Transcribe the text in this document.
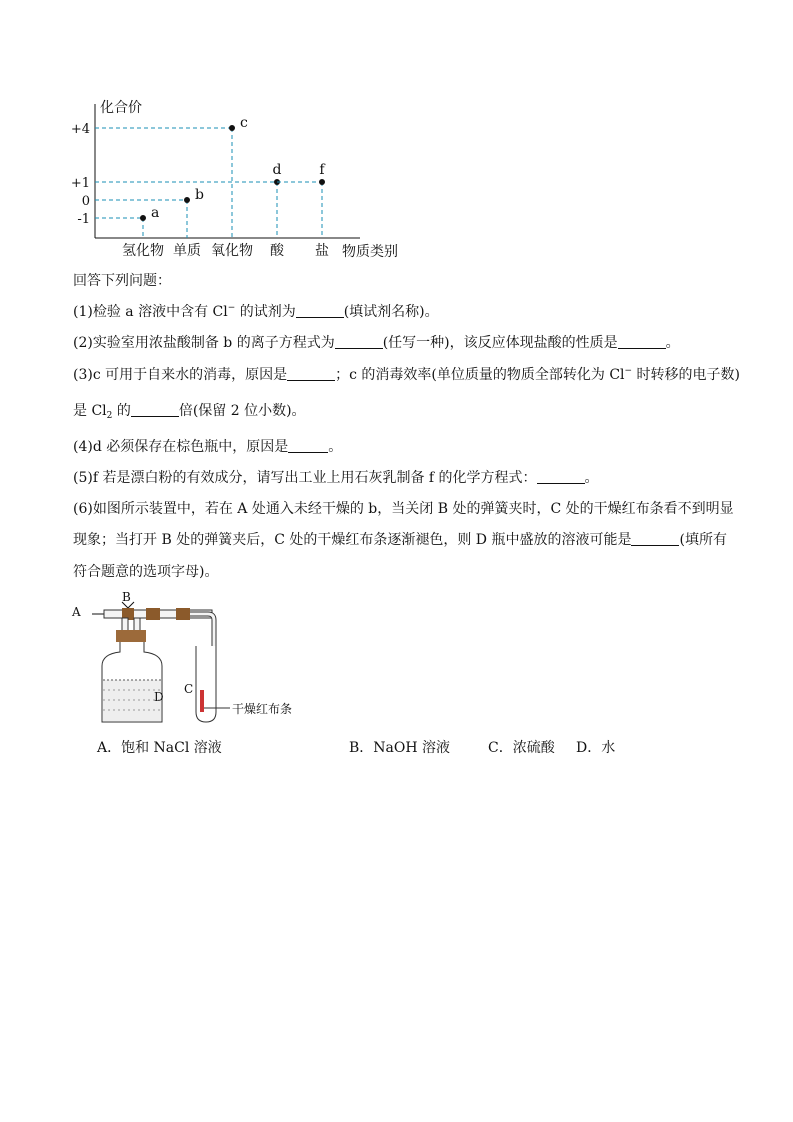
+4
+1
0
-1
氢化物 单质 氧化物 酸 盐
a
b
c
d	f
化合价
物质类别
回答下列问题：
(1)检验 a 溶液中含有 Cl− 的试剂为	(填试剂名称)。
(2)实验室用浓盐酸制备 b 的离子方程式为	(任写一种)，该反应体现盐酸的性质是	。
(3)c 可用于自来水的消毒，原因是	；c 的消毒效率(单位质量的物质全部转化为 Cl− 时转移的电子数)
是 $Cl_2$ 的	倍(保留 2 位小数)。
(4)d 必须保存在棕色瓶中，原因是	。
(5)f 若是漂白粉的有效成分，请写出工业上用石灰乳制备 f 的化学方程式：	。
(6)如图所示装置中，若在 A 处通入未经干燥的 b，当关闭 B 处的弹簧夹时，C 处的干燥红布条看不到明显
现象；当打开 B 处的弹簧夹后，C 处的干燥红布条逐渐褪色，则 D 瓶中盛放的溶液可能是	(填所有
符合题意的选项字母)。
A
B
C
D
干燥红布条
A．饱和 NaCl 溶液	B．NaOH 溶液	C．浓硫酸 D．水
